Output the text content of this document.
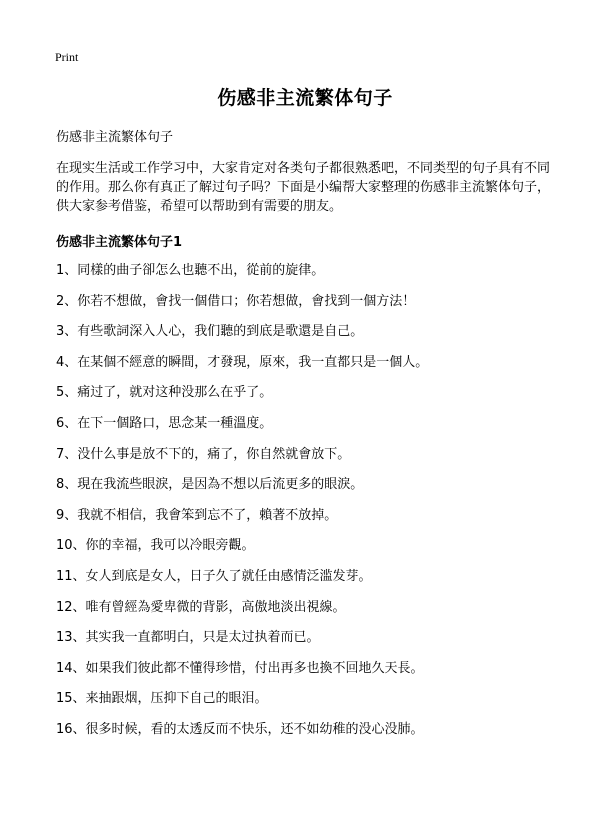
Print
伤感非主流繁体句子
伤感非主流繁体句子

在现实生活或工作学习中，大家肯定对各类句子都很熟悉吧，不同类型的句子具有不同的作用。那么你有真正了解过句子吗？下面是小编帮大家整理的伤感非主流繁体句子，供大家参考借鉴，希望可以帮助到有需要的朋友。

伤感非主流繁体句子1
1、同樣的曲子卻怎么也聽不出，從前的旋律。
2、你若不想做，會找一個借口；你若想做，會找到一個方法！
3、有些歌詞深入人心，我们聽的到底是歌還是自己。
4、在某個不經意的瞬間，才發現，原來，我一直都只是一個人。
5、痛过了，就对这种没那么在乎了。
6、在下一個路口，思念某一種溫度。
7、没什么事是放不下的，痛了，你自然就會放下。
8、現在我流些眼淚，是因為不想以后流更多的眼淚。
9、我就不相信，我會笨到忘不了，賴著不放掉。
10、你的幸福，我可以冷眼旁觀。
11、女人到底是女人，日子久了就任由感情泛滥发芽。
12、唯有曾經為愛卑微的背影，高傲地淡出視線。
13、其实我一直都明白，只是太过执着而已。
14、如果我们彼此都不懂得珍惜，付出再多也換不回地久天長。
15、来抽跟烟，压抑下自己的眼泪。
16、很多时候，看的太透反而不快乐，还不如幼稚的没心没肺。
